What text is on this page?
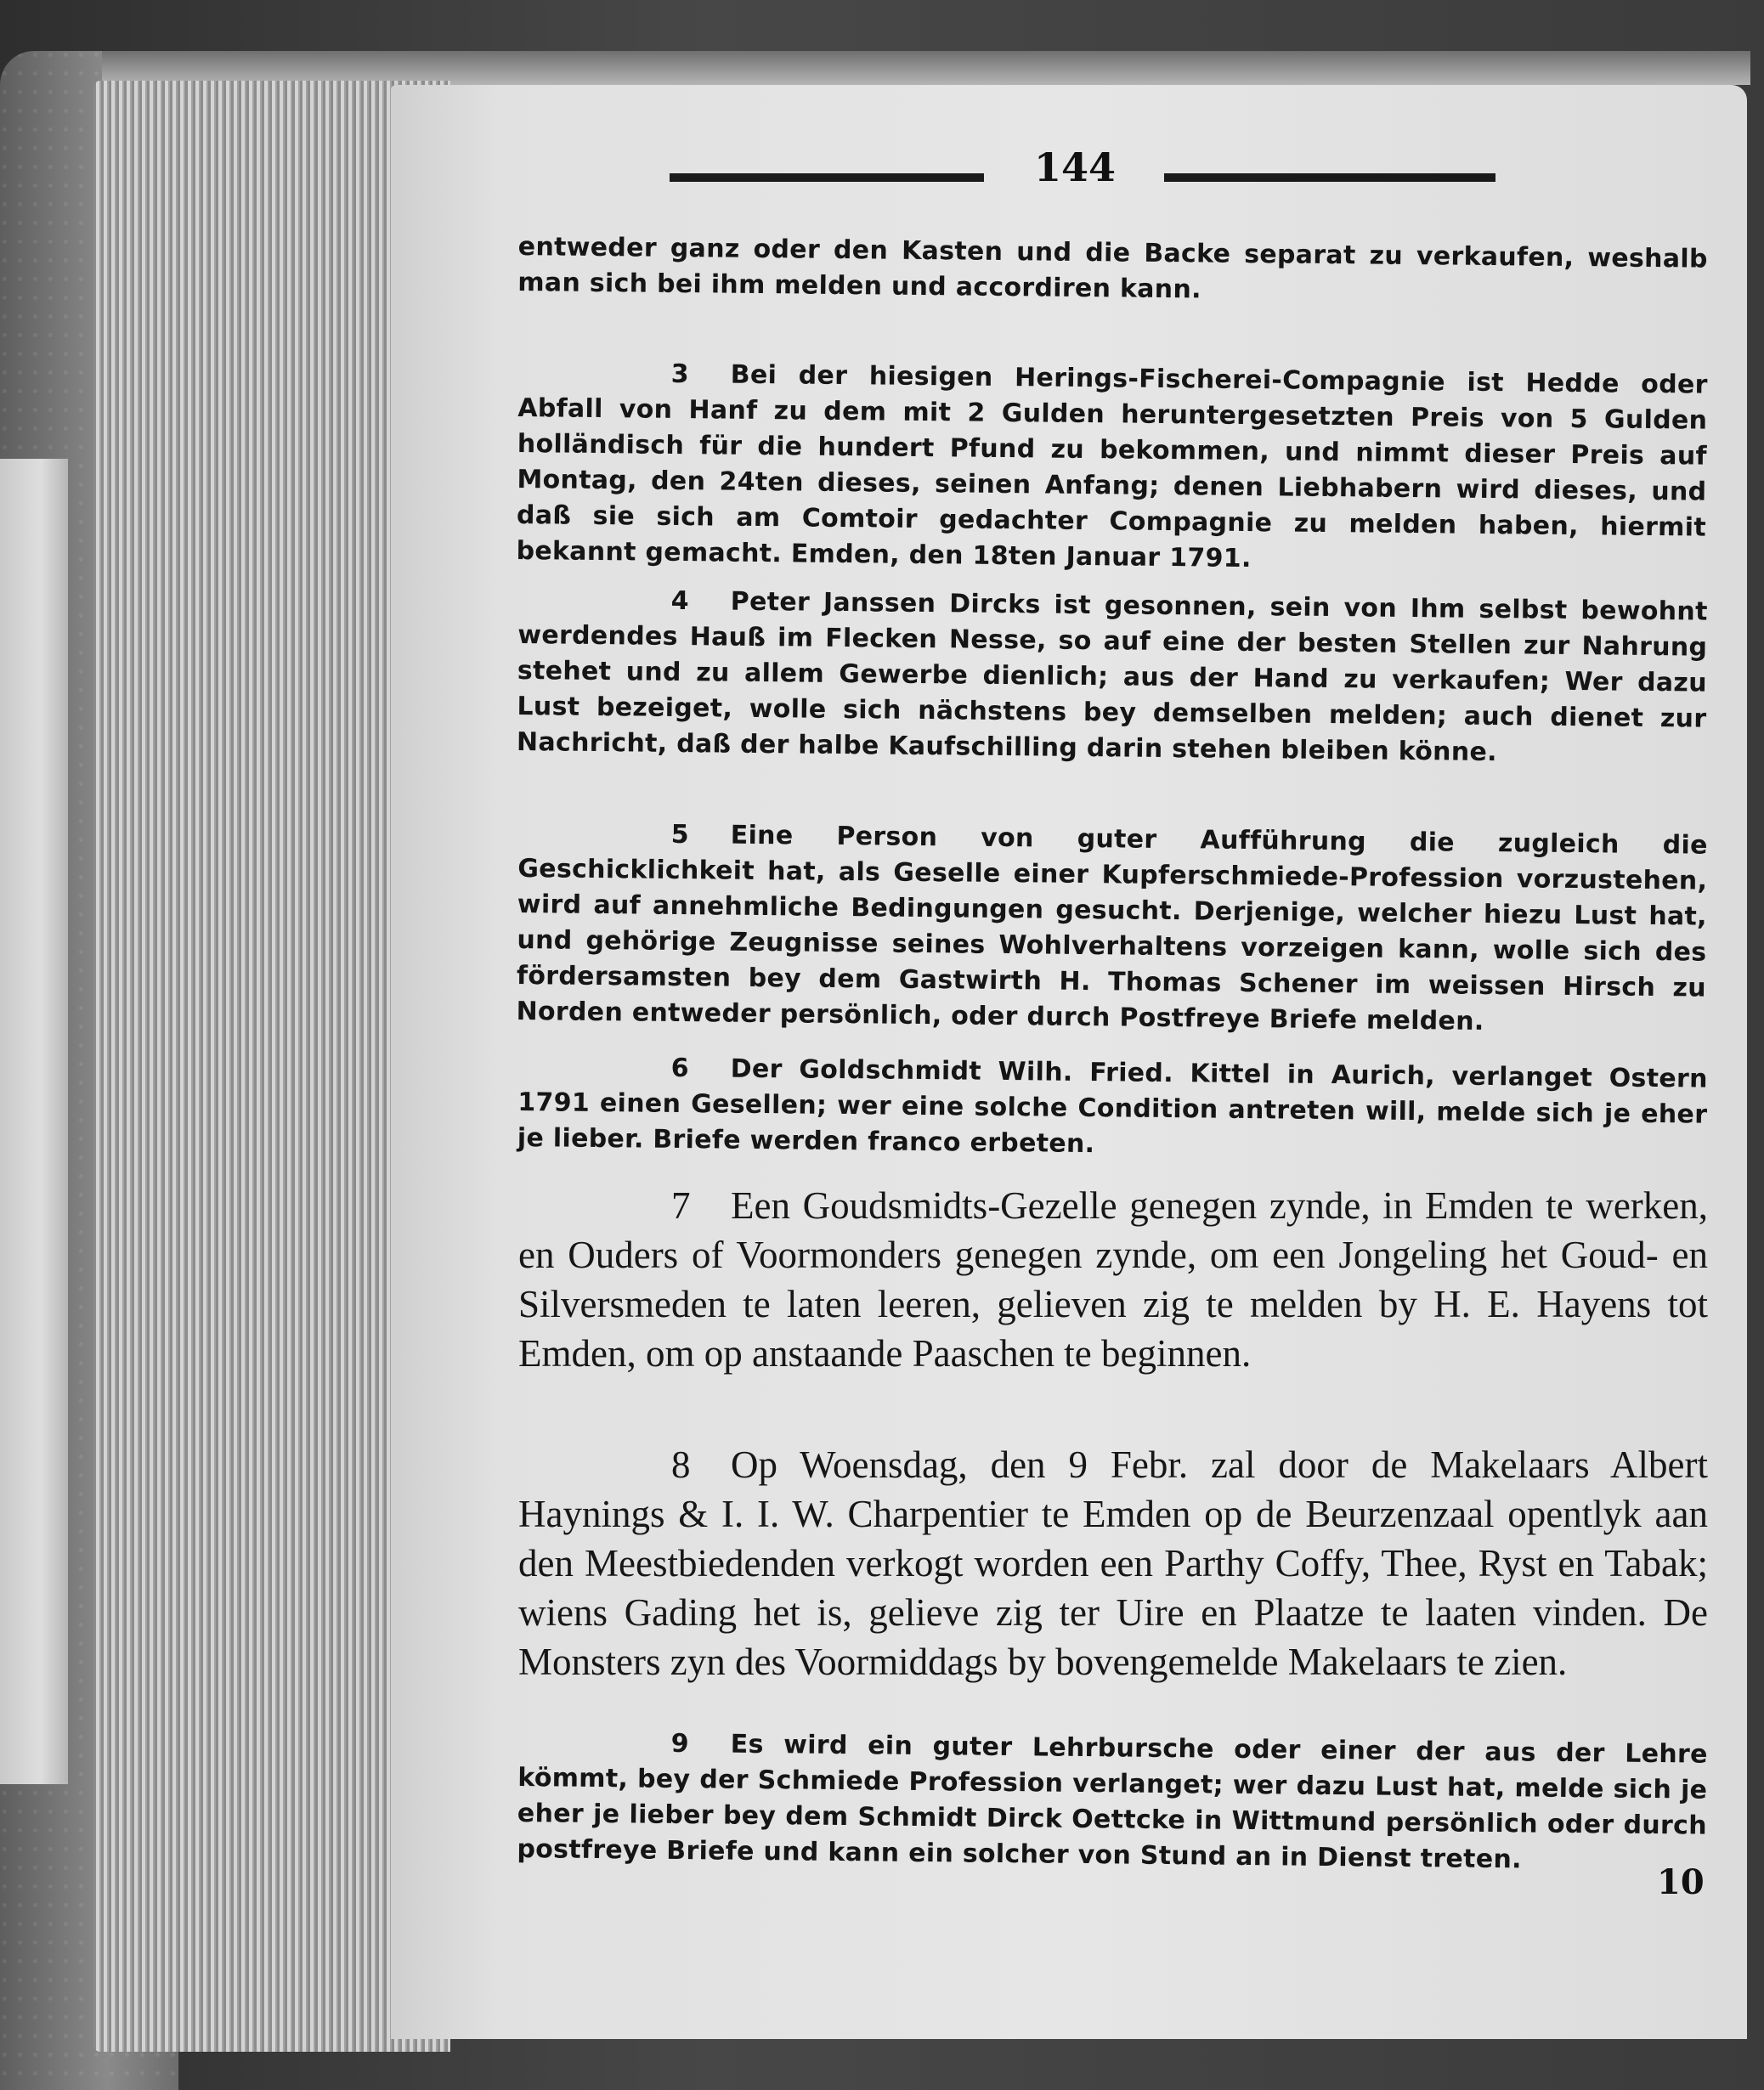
144
entweder ganz oder den Kasten und die Backe separat zu verkaufen, weshalb man sich bei ihm melden und accordiren kann.
3 Bei der hiesigen Herings-Fischerei-Compagnie ist Hedde oder Abfall von Hanf zu dem mit 2 Gulden heruntergesetzten Preis von 5 Gulden holländisch für die hundert Pfund zu bekommen, und nimmt dieser Preis auf Montag, den 24ten dieses, seinen Anfang; denen Liebhabern wird dieses, und daß sie sich am Comtoir gedachter Compagnie zu melden haben, hiermit bekannt gemacht. Emden, den 18ten Januar 1791.
4 Peter Janssen Dircks ist gesonnen, sein von Ihm selbst bewohnt werdendes Hauß im Flecken Nesse, so auf eine der besten Stellen zur Nahrung stehet und zu allem Gewerbe dienlich; aus der Hand zu verkaufen; Wer dazu Lust bezeiget, wolle sich nächstens bey demselben melden; auch dienet zur Nachricht, daß der halbe Kaufschilling darin stehen bleiben könne.
5 Eine Person von guter Aufführung die zugleich die Geschicklichkeit hat, als Geselle einer Kupferschmiede-Profession vorzustehen, wird auf annehmliche Bedingungen gesucht. Derjenige, welcher hiezu Lust hat, und gehörige Zeugnisse seines Wohlverhaltens vorzeigen kann, wolle sich des fördersamsten bey dem Gastwirth H. Thomas Schener im weissen Hirsch zu Norden entweder persönlich, oder durch Postfreye Briefe melden.
6 Der Goldschmidt Wilh. Fried. Kittel in Aurich, verlanget Ostern 1791 einen Gesellen; wer eine solche Condition antreten will, melde sich je eher je lieber. Briefe werden franco erbeten.
7 Een Goudsmidts-Gezelle genegen zynde, in Emden te werken, en Ouders of Voormonders genegen zynde, om een Jongeling het Goud- en Silversmeden te laten leeren, gelieven zig te melden by H. E. Hayens tot Emden, om op anstaande Paaschen te beginnen.
8 Op Woensdag, den 9 Febr. zal door de Makelaars Albert Haynings & I. I. W. Charpentier te Emden op de Beurzenzaal opentlyk aan den Meestbiedenden verkogt worden een Parthy Coffy, Thee, Ryst en Tabak; wiens Gading het is, gelieve zig ter Uire en Plaatze te laaten vinden. De Monsters zyn des Voormiddags by bovengemelde Makelaars te zien.
9 Es wird ein guter Lehrbursche oder einer der aus der Lehre kömmt, bey der Schmiede Profession verlanget; wer dazu Lust hat, melde sich je eher je lieber bey dem Schmidt Dirck Oettcke in Wittmund persönlich oder durch postfreye Briefe und kann ein solcher von Stund an in Dienst treten.
10
